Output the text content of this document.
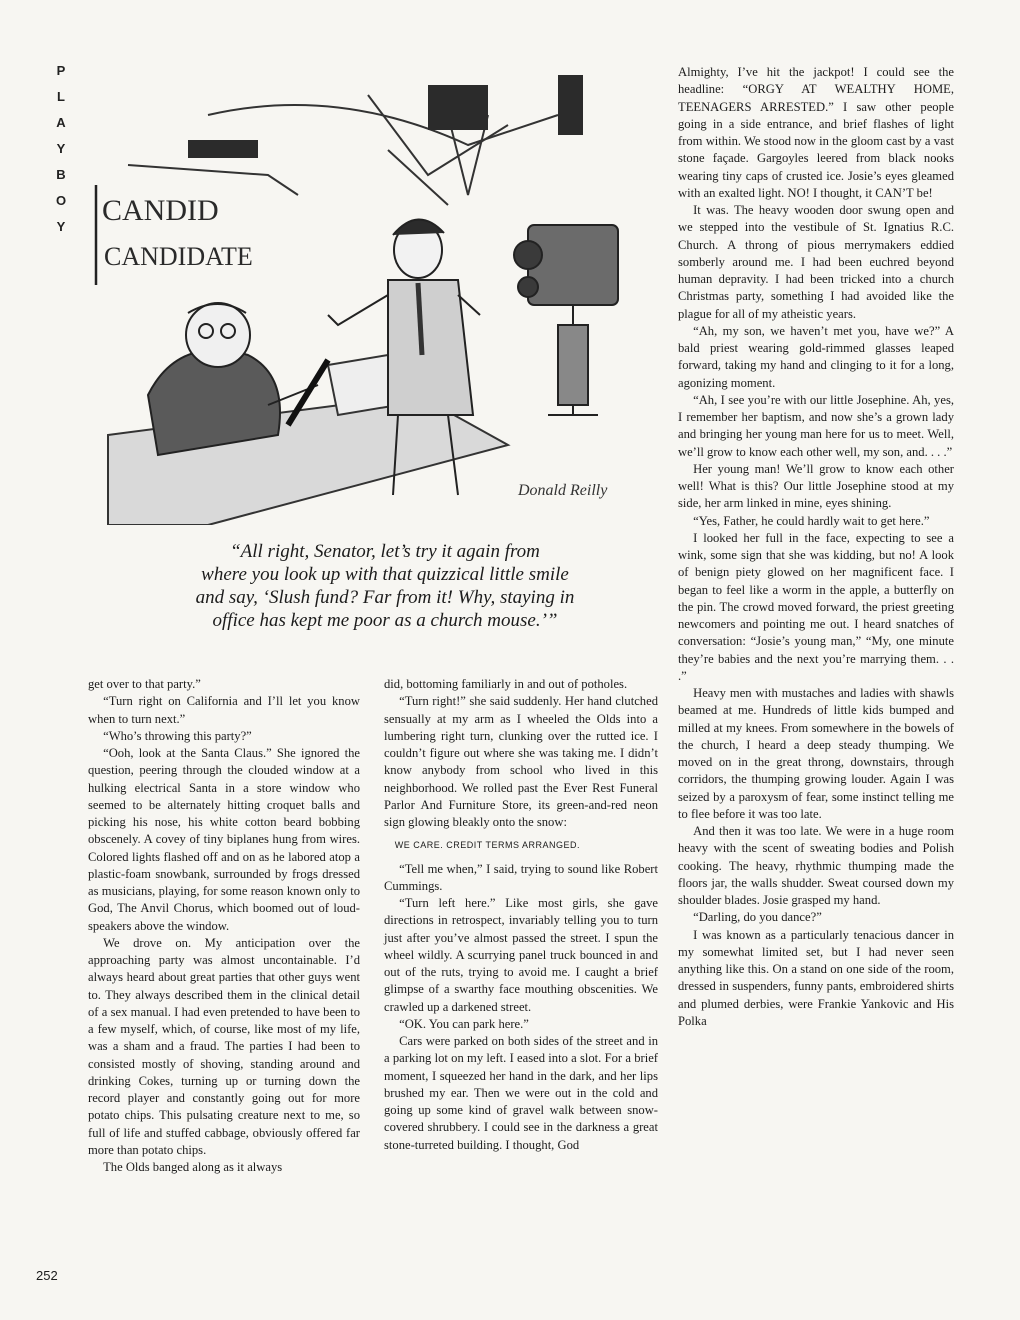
P
L
A
Y
B
O
Y CANDID
CANDIDATE
Donald Reilly
“All right, Senator, let’s try it again from
where you look up with that quizzical little smile
and say, ‘Slush fund? Far from it! Why, staying in
office has kept me poor as a church mouse.’”

get over to that party.”

“Turn right on California and I’ll let you know when to turn next.”

“Who’s throwing this party?”

“Ooh, look at the Santa Claus.” She ignored the question, peering through the clouded window at a hulking electrical Santa in a store window who seemed to be alternately hitting croquet balls and picking his nose, his white cotton beard bobbing obscenely. A covey of tiny biplanes hung from wires. Colored lights flashed off and on as he labored atop a plastic-foam snowbank, surrounded by frogs dressed as musicians, playing, for some reason known only to God, The Anvil Chorus, which boomed out of loud-speakers above the window.

We drove on. My anticipation over the approaching party was almost uncontainable. I’d always heard about great parties that other guys went to. They always described them in the clinical detail of a sex manual. I had even pretended to have been to a few myself, which, of course, like most of my life, was a sham and a fraud. The parties I had been to consisted mostly of shoving, standing around and drinking Cokes, turning up or turning down the record player and constantly going out for more potato chips. This pulsating creature next to me, so full of life and stuffed cabbage, obviously offered far more than potato chips.

The Olds banged along as it always

did, bottoming familiarly in and out of potholes.

“Turn right!” she said suddenly. Her hand clutched sensually at my arm as I wheeled the Olds into a lumbering right turn, clunking over the rutted ice. I couldn’t figure out where she was taking me. I didn’t know anybody from school who lived in this neighborhood. We rolled past the Ever Rest Funeral Parlor And Furniture Store, its green-and-red neon sign glowing bleakly onto the snow:

WE CARE. CREDIT TERMS ARRANGED.

“Tell me when,” I said, trying to sound like Robert Cummings.

“Turn left here.” Like most girls, she gave directions in retrospect, invariably telling you to turn just after you’ve almost passed the street. I spun the wheel wildly. A scurrying panel truck bounced in and out of the ruts, trying to avoid me. I caught a brief glimpse of a swarthy face mouthing obscenities. We crawled up a darkened street.

“OK. You can park here.”

Cars were parked on both sides of the street and in a parking lot on my left. I eased into a slot. For a brief moment, I squeezed her hand in the dark, and her lips brushed my ear. Then we were out in the cold and going up some kind of gravel walk between snow-covered shrubbery. I could see in the darkness a great stone-turreted building. I thought, God

Almighty, I’ve hit the jackpot! I could see the headline: “ORGY AT WEALTHY HOME, TEENAGERS ARRESTED.” I saw other people going in a side entrance, and brief flashes of light from within. We stood now in the gloom cast by a vast stone façade. Gargoyles leered from black nooks wearing tiny caps of crusted ice. Josie’s eyes gleamed with an exalted light. NO! I thought, it CAN’T be!

It was. The heavy wooden door swung open and we stepped into the vestibule of St. Ignatius R.C. Church. A throng of pious merrymakers eddied somberly around me. I had been euchred beyond human depravity. I had been tricked into a church Christmas party, something I had avoided like the plague for all of my atheistic years.

“Ah, my son, we haven’t met you, have we?” A bald priest wearing gold-rimmed glasses leaped forward, taking my hand and clinging to it for a long, agonizing moment.

“Ah, I see you’re with our little Josephine. Ah, yes, I remember her baptism, and now she’s a grown lady and bringing her young man here for us to meet. Well, we’ll grow to know each other well, my son, and. . . .”

Her young man! We’ll grow to know each other well! What is this? Our little Josephine stood at my side, her arm linked in mine, eyes shining.

“Yes, Father, he could hardly wait to get here.”

I looked her full in the face, expecting to see a wink, some sign that she was kidding, but no! A look of benign piety glowed on her magnificent face. I began to feel like a worm in the apple, a butterfly on the pin. The crowd moved forward, the priest greeting newcomers and pointing me out. I heard snatches of conversation: “Josie’s young man,” “My, one minute they’re babies and the next you’re marrying them. . . .”

Heavy men with mustaches and ladies with shawls beamed at me. Hundreds of little kids bumped and milled at my knees. From somewhere in the bowels of the church, I heard a deep steady thumping. We moved on in the great throng, downstairs, through corridors, the thumping growing louder. Again I was seized by a paroxysm of fear, some instinct telling me to flee before it was too late.

And then it was too late. We were in a huge room heavy with the scent of sweating bodies and Polish cooking. The heavy, rhythmic thumping made the floors jar, the walls shudder. Sweat coursed down my shoulder blades. Josie grasped my hand.

“Darling, do you dance?”

I was known as a particularly tenacious dancer in my somewhat limited set, but I had never seen anything like this. On a stand on one side of the room, dressed in suspenders, funny pants, embroidered shirts and plumed derbies, were Frankie Yankovic and His Polka

252
